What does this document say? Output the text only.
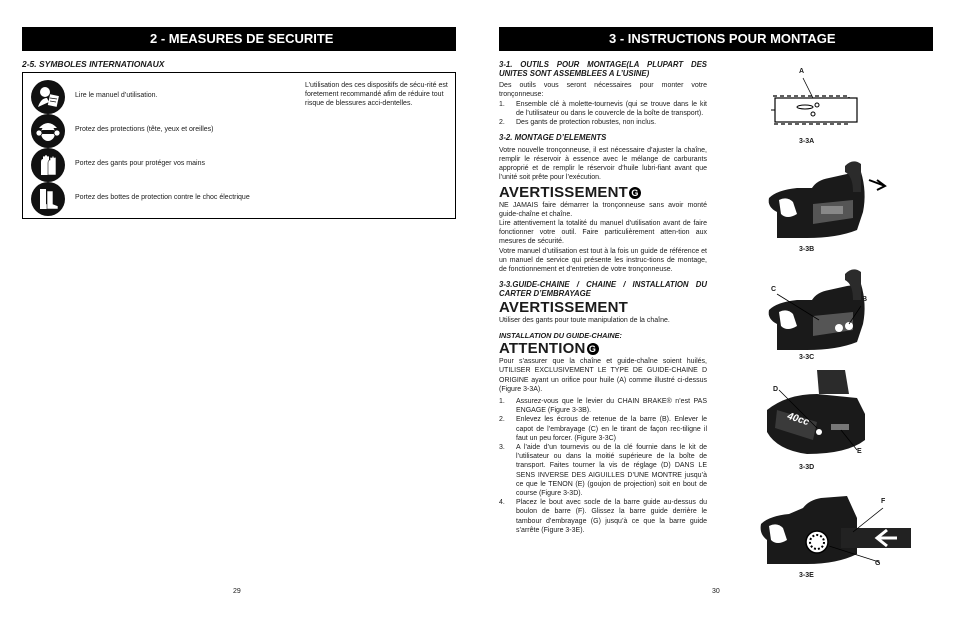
2 - MEASURES DE SECURITE
2-5. SYMBOLES INTERNATIONAUX
Lire le manuel d’utilisation.
Protez des protections (tête, yeux et oreilles)
Portez des gants pour protéger vos mains
Portez des bottes de protection contre le choc électrique
L’utilisation des ces dispositifs de sécu-rité est foretement recommandé afim de réduire tout risque de blessures acci-dentelles.
29
3 - INSTRUCTIONS POUR MONTAGE

3-1. OUTILS POUR MONTAGE(LA PLUPART DES UNITES SONT ASSEMBLEES A L’USINE)

Des outils vous seront nécessaires pour monter votre tronçonneuse:

1. Ensemble clé à molette-tournevis (qui se trouve dans le kit de l’utilisateur ou dans le couvercle de la boîte de transport).
2. Des gants de protection robustes, non inclus.

3-2. MONTAGE D’ELEMENTS

Votre nouvelle tronçonneuse, il est nécessaire d’ajuster la chaîne, remplir le réservoir à essence avec le mélange de carburants approprié et de remplir le réservoir d’huile lubri-fiant avant que l’unité soit prête pour l’exécution.

AVERTISSEMENT G

NE JAMAIS faire démarrer la tronçonneuse sans avoir monté guide-chaîne et chaîne.

Lire attentivement la totalité du manuel d’utilisation avant de faire fonctionner votre outil. Faire particulièrement atten-tion aux mesures de sécurité.

Votre manuel d’utilisation est tout à la fois un guide de référence et un manuel de service qui présente les instruc-tions de montage, de fonctionnement et d’entretien de votre tronçonneuse.

3-3.GUIDE-CHAINE / CHAINE / INSTALLATION DU CARTER D’EMBRAYAGE

AVERTISSEMENT

Utiliser des gants pour toute manipulation de la chaîne.

INSTALLATION DU GUIDE-CHAINE:

ATTENTION G

Pour s’assurer que la chaîne et guide-chaîne soient huilés, UTILISER EXCLUSIVEMENT LE TYPE DE GUIDE-CHAINE D ORIGINE ayant un orifice pour huile (A) comme illustré ci-dessus (Figure 3-3A).

1. Assurez-vous que le levier du CHAIN BRAKE® n’est PAS ENGAGE (Figure 3-3B).
2. Enlevez les écrous de retenue de la barre (B). Enlever le capot de l’embrayage (C) en le tirant de façon rec-tiligne il faut un peu forcer. (Figure 3-3C)
3. A l’aide d’un tournevis ou de la clé fournie dans le kit de l’utilisateur ou dans la moitié supérieure de la boîte de transport. Faites tourner la vis de réglage (D) DANS LE SENS INVERSE DES AIGUILLES D’UNE MONTRE jusqu’à ce que le TENON (E) (goujon de projection) soit en bout de course (Figure 3-3D).
4. Placez le bout avec socle de la barre guide au-dessus du boulon de barre (F). Glissez la barre guide derrière le tambour d’embrayage (G) jusqu’à ce que la barre guide s’arrête (Figure 3-3E).
A
3-3A
3-3B
C
B
3-3C
40cc
D
E
3-3D
F
G
3-3E
30
